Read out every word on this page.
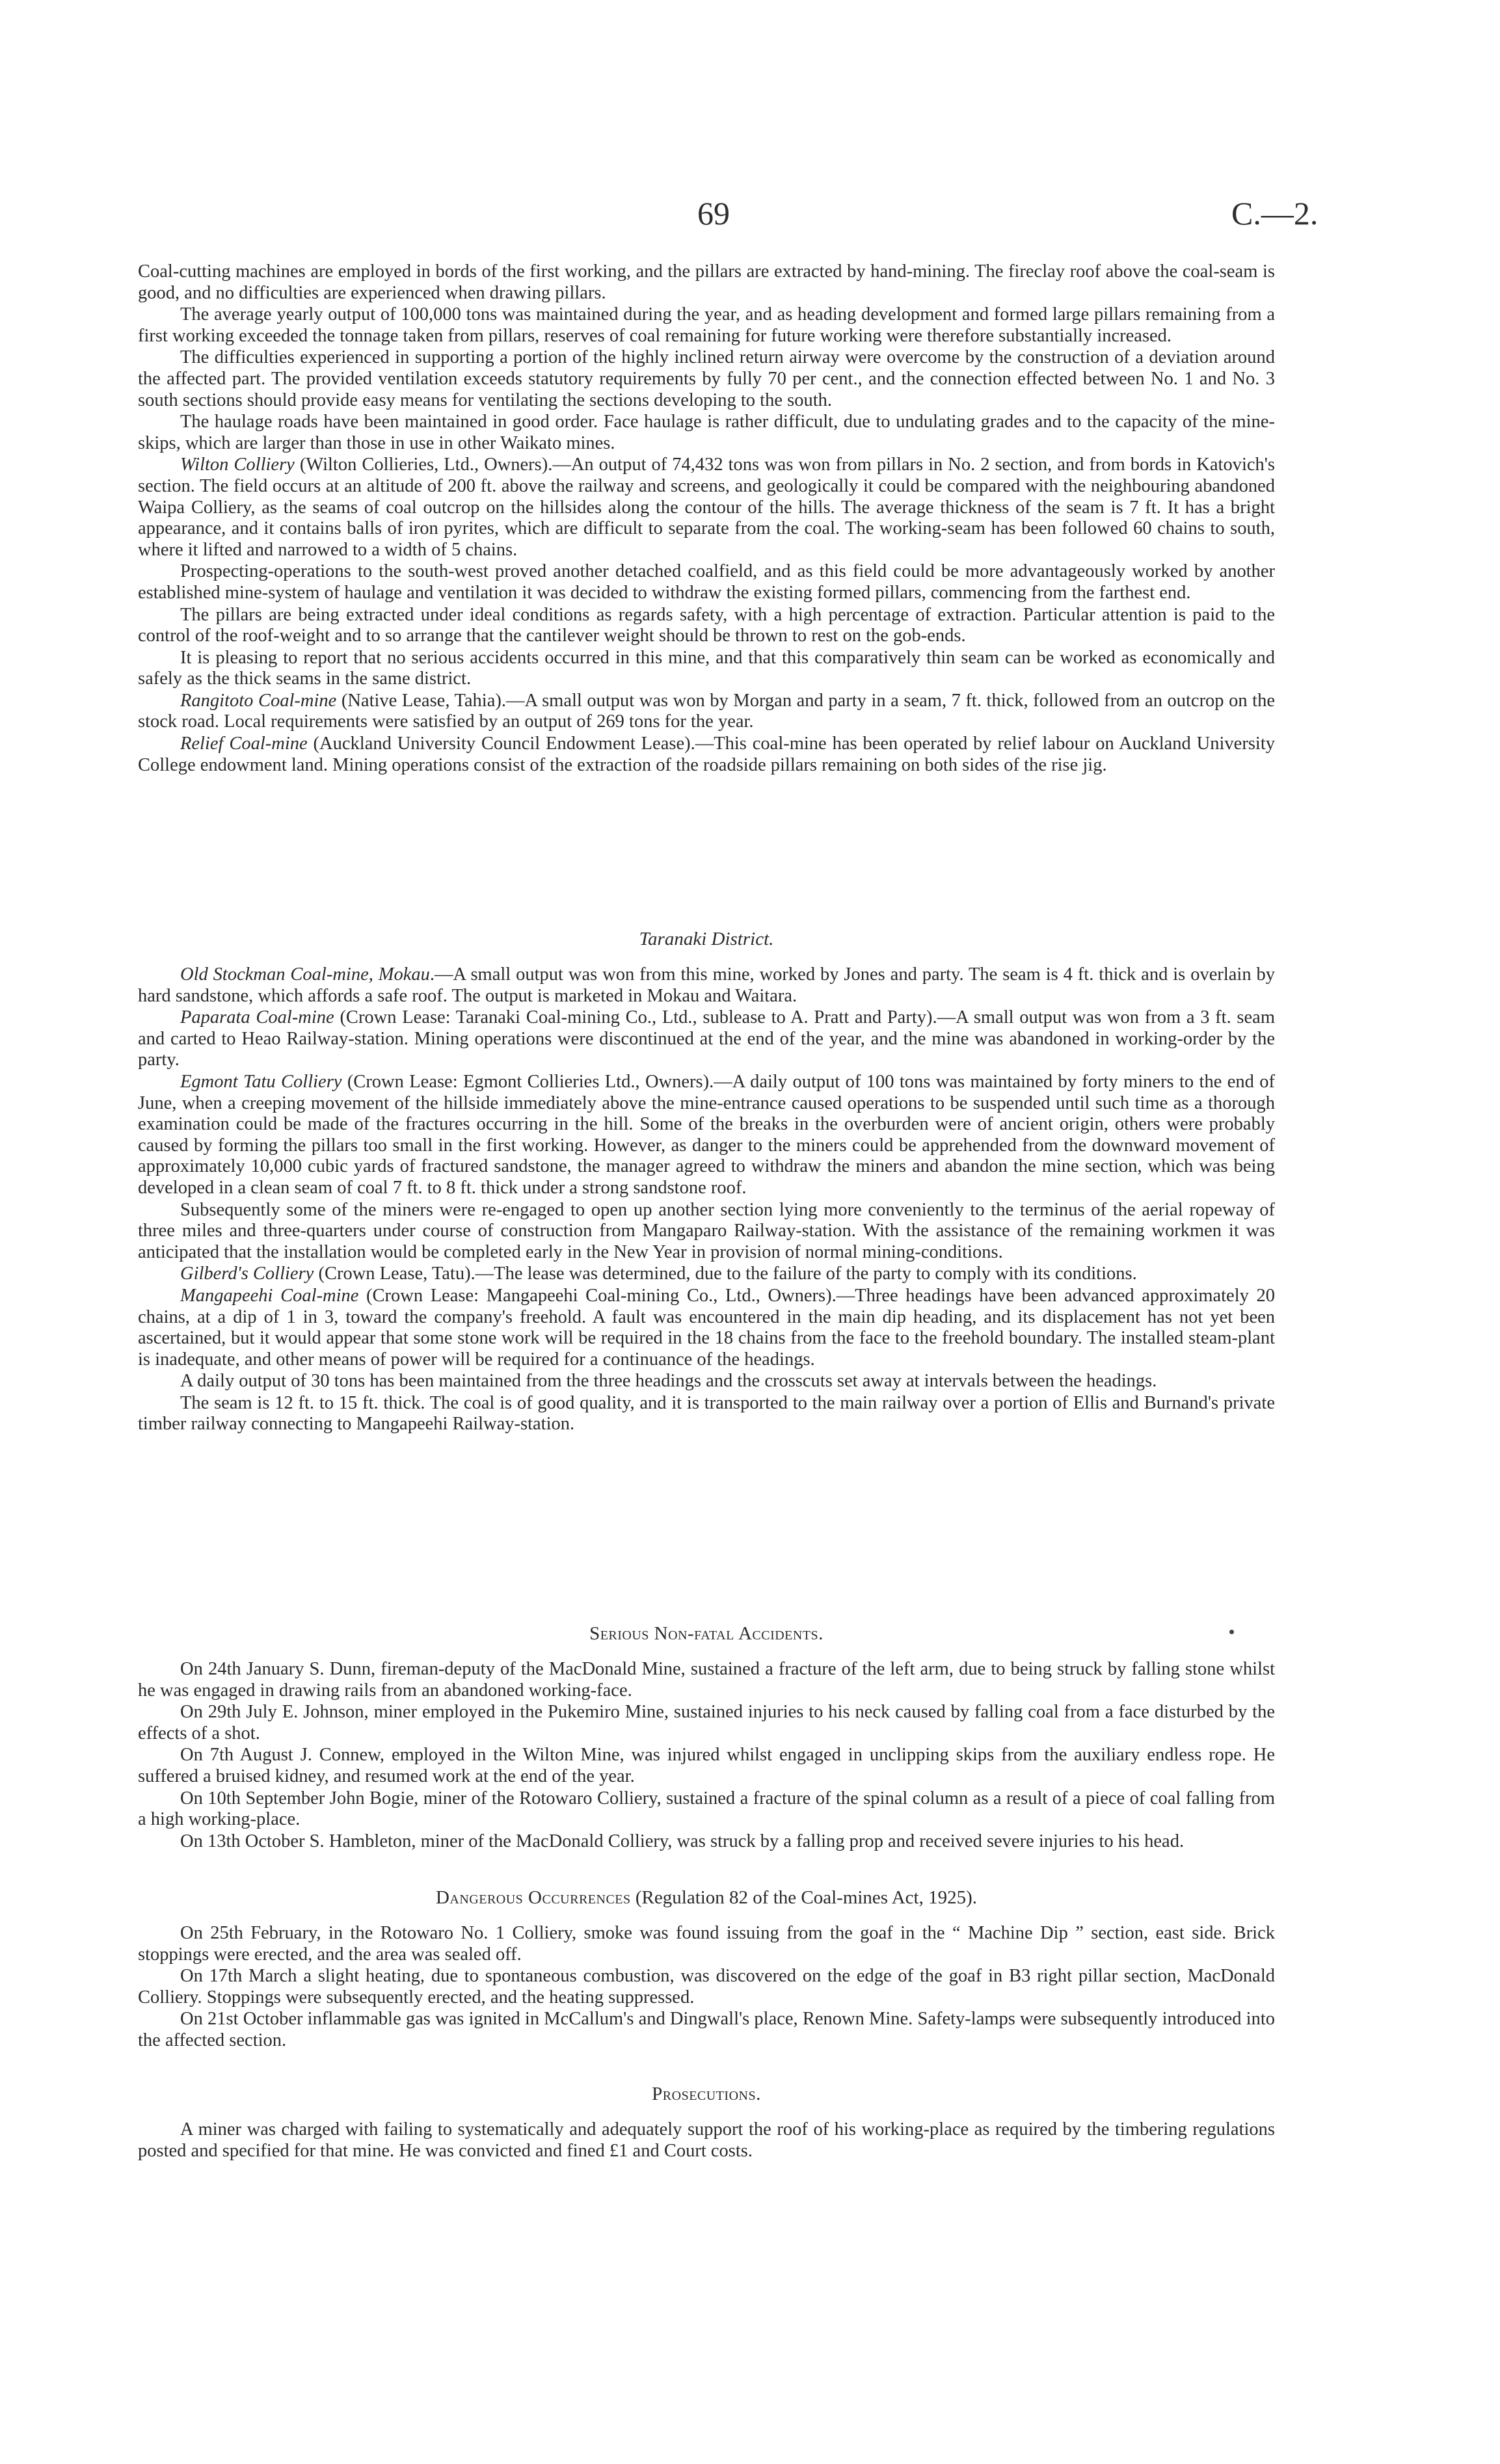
69	C.—2.

Coal-cutting machines are employed in bords of the first working, and the pillars are extracted by hand-mining. The fireclay roof above the coal-seam is good, and no difficulties are experienced when drawing pillars.

The average yearly output of 100,000 tons was maintained during the year, and as heading development and formed large pillars remaining from a first working exceeded the tonnage taken from pillars, reserves of coal remaining for future working were therefore substantially increased.

The difficulties experienced in supporting a portion of the highly inclined return airway were overcome by the construction of a deviation around the affected part. The provided ventilation exceeds statutory requirements by fully 70 per cent., and the connection effected between No. 1 and No. 3 south sections should provide easy means for ventilating the sections developing to the south.

The haulage roads have been maintained in good order. Face haulage is rather difficult, due to undulating grades and to the capacity of the mine-skips, which are larger than those in use in other Waikato mines.

Wilton Colliery (Wilton Collieries, Ltd., Owners).—An output of 74,432 tons was won from pillars in No. 2 section, and from bords in Katovich's section. The field occurs at an altitude of 200 ft. above the railway and screens, and geologically it could be compared with the neighbouring abandoned Waipa Colliery, as the seams of coal outcrop on the hillsides along the contour of the hills. The average thickness of the seam is 7 ft. It has a bright appearance, and it contains balls of iron pyrites, which are difficult to separate from the coal. The working-seam has been followed 60 chains to south, where it lifted and narrowed to a width of 5 chains.

Prospecting-operations to the south-west proved another detached coalfield, and as this field could be more advantageously worked by another established mine-system of haulage and ventilation it was decided to withdraw the existing formed pillars, commencing from the farthest end.

The pillars are being extracted under ideal conditions as regards safety, with a high percentage of extraction. Particular attention is paid to the control of the roof-weight and to so arrange that the cantilever weight should be thrown to rest on the gob-ends.

It is pleasing to report that no serious accidents occurred in this mine, and that this comparatively thin seam can be worked as economically and safely as the thick seams in the same district.

Rangitoto Coal-mine (Native Lease, Tahia).—A small output was won by Morgan and party in a seam, 7 ft. thick, followed from an outcrop on the stock road. Local requirements were satisfied by an output of 269 tons for the year.

Relief Coal-mine (Auckland University Council Endowment Lease).—This coal-mine has been operated by relief labour on Auckland University College endowment land. Mining operations consist of the extraction of the roadside pillars remaining on both sides of the rise jig.

Taranaki District.

Old Stockman Coal-mine, Mokau.—A small output was won from this mine, worked by Jones and party. The seam is 4 ft. thick and is overlain by hard sandstone, which affords a safe roof. The output is marketed in Mokau and Waitara.

Paparata Coal-mine (Crown Lease: Taranaki Coal-mining Co., Ltd., sublease to A. Pratt and Party).—A small output was won from a 3 ft. seam and carted to Heao Railway-station. Mining operations were discontinued at the end of the year, and the mine was abandoned in working-order by the party.

Egmont Tatu Colliery (Crown Lease: Egmont Collieries Ltd., Owners).—A daily output of 100 tons was maintained by forty miners to the end of June, when a creeping movement of the hillside immediately above the mine-entrance caused operations to be suspended until such time as a thorough examination could be made of the fractures occurring in the hill. Some of the breaks in the overburden were of ancient origin, others were probably caused by forming the pillars too small in the first working. However, as danger to the miners could be apprehended from the downward movement of approximately 10,000 cubic yards of fractured sandstone, the manager agreed to withdraw the miners and abandon the mine section, which was being developed in a clean seam of coal 7 ft. to 8 ft. thick under a strong sandstone roof.

Subsequently some of the miners were re-engaged to open up another section lying more conveniently to the terminus of the aerial ropeway of three miles and three-quarters under course of construction from Mangaparo Railway-station. With the assistance of the remaining workmen it was anticipated that the installation would be completed early in the New Year in provision of normal mining-conditions.

Gilberd's Colliery (Crown Lease, Tatu).—The lease was determined, due to the failure of the party to comply with its conditions.

Mangapeehi Coal-mine (Crown Lease: Mangapeehi Coal-mining Co., Ltd., Owners).—Three headings have been advanced approximately 20 chains, at a dip of 1 in 3, toward the company's freehold. A fault was encountered in the main dip heading, and its displacement has not yet been ascertained, but it would appear that some stone work will be required in the 18 chains from the face to the freehold boundary. The installed steam-plant is inadequate, and other means of power will be required for a continuance of the headings.

A daily output of 30 tons has been maintained from the three headings and the crosscuts set away at intervals between the headings.

The seam is 12 ft. to 15 ft. thick. The coal is of good quality, and it is transported to the main railway over a portion of Ellis and Burnand's private timber railway connecting to Mangapeehi Railway-station.

Serious Non-fatal Accidents.

On 24th January S. Dunn, fireman-deputy of the MacDonald Mine, sustained a fracture of the left arm, due to being struck by falling stone whilst he was engaged in drawing rails from an abandoned working-face.

On 29th July E. Johnson, miner employed in the Pukemiro Mine, sustained injuries to his neck caused by falling coal from a face disturbed by the effects of a shot.

On 7th August J. Connew, employed in the Wilton Mine, was injured whilst engaged in unclipping skips from the auxiliary endless rope. He suffered a bruised kidney, and resumed work at the end of the year.

On 10th September John Bogie, miner of the Rotowaro Colliery, sustained a fracture of the spinal column as a result of a piece of coal falling from a high working-place.

On 13th October S. Hambleton, miner of the MacDonald Colliery, was struck by a falling prop and received severe injuries to his head.

Dangerous Occurrences (Regulation 82 of the Coal-mines Act, 1925).

On 25th February, in the Rotowaro No. 1 Colliery, smoke was found issuing from the goaf in the “ Machine Dip ” section, east side. Brick stoppings were erected, and the area was sealed off.

On 17th March a slight heating, due to spontaneous combustion, was discovered on the edge of the goaf in B3 right pillar section, MacDonald Colliery. Stoppings were subsequently erected, and the heating suppressed.

On 21st October inflammable gas was ignited in McCallum's and Dingwall's place, Renown Mine. Safety-lamps were subsequently introduced into the affected section.

Prosecutions.

A miner was charged with failing to systematically and adequately support the roof of his working-place as required by the timbering regulations posted and specified for that mine. He was convicted and fined £1 and Court costs.
